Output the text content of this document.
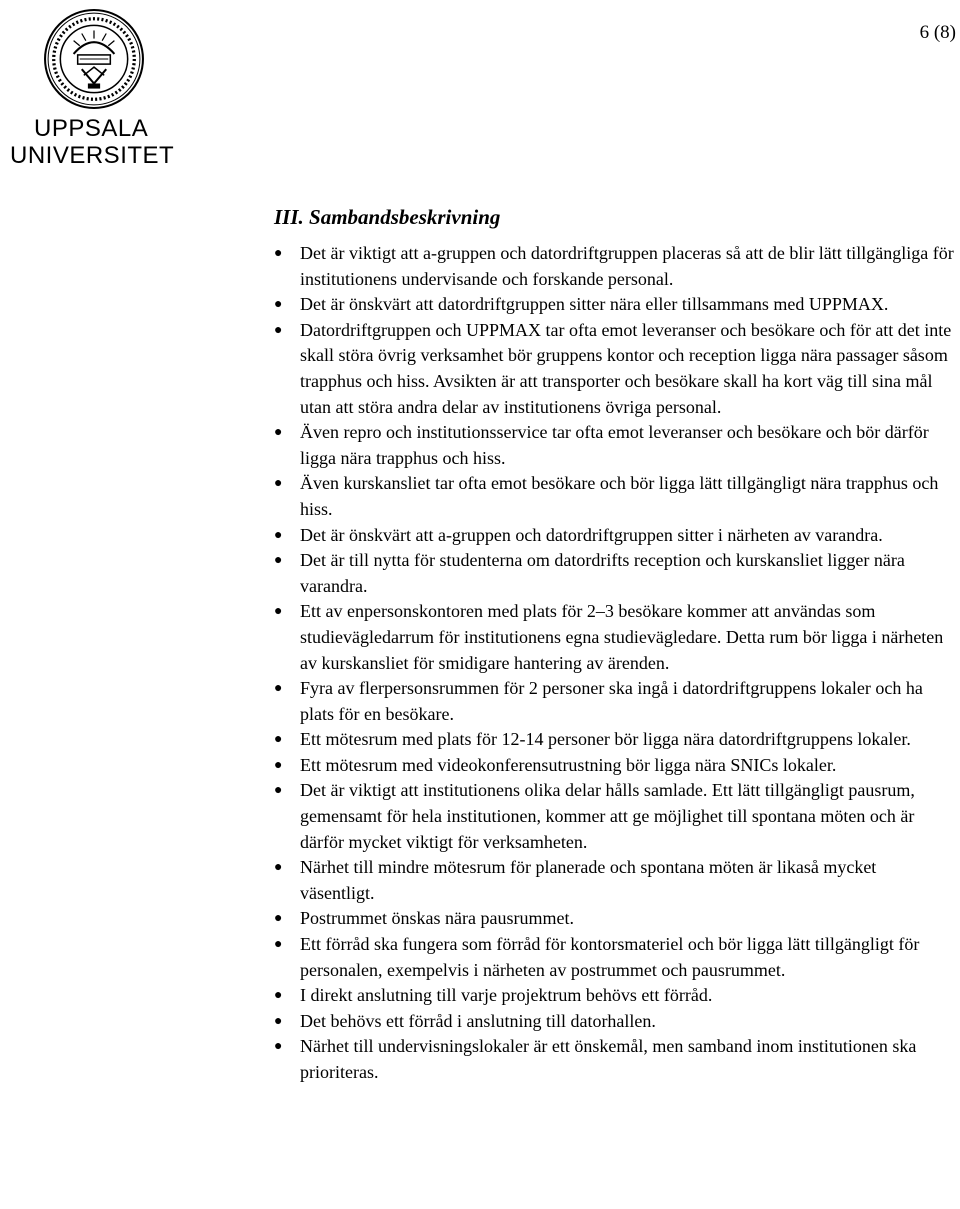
6 (8)
UPPSALA
UNIVERSITET
III. Sambandsbeskrivning
● Det är viktigt att a-gruppen och datordriftgruppen placeras så att de blir lätt tillgängliga för institutionens undervisande och forskande personal.
● Det är önskvärt att datordriftgruppen sitter nära eller tillsammans med UPPMAX.
● Datordriftgruppen och UPPMAX tar ofta emot leveranser och besökare och för att det inte skall störa övrig verksamhet bör gruppens kontor och reception ligga nära passager såsom trapphus och hiss. Avsikten är att transporter och besökare skall ha kort väg till sina mål utan att störa andra delar av institutionens övriga personal.
● Även repro och institutionsservice tar ofta emot leveranser och besökare och bör därför ligga nära trapphus och hiss.
● Även kurskansliet tar ofta emot besökare och bör ligga lätt tillgängligt nära trapphus och hiss.
● Det är önskvärt att a-gruppen och datordriftgruppen sitter i närheten av varandra.
● Det är till nytta för studenterna om datordrifts reception och kurskansliet ligger nära varandra.
● Ett av enpersonskontoren med plats för 2–3 besökare kommer att användas som studievägledarrum för institutionens egna studievägledare. Detta rum bör ligga i närheten av kurskansliet för smidigare hantering av ärenden.
● Fyra av flerpersonsrummen för 2 personer ska ingå i datordriftgruppens lokaler och ha plats för en besökare.
● Ett mötesrum med plats för 12-14 personer bör ligga nära datordriftgruppens lokaler.
● Ett mötesrum med videokonferensutrustning bör ligga nära SNICs lokaler.
● Det är viktigt att institutionens olika delar hålls samlade. Ett lätt tillgängligt pausrum, gemensamt för hela institutionen, kommer att ge möjlighet till spontana möten och är därför mycket viktigt för verksamheten.
● Närhet till mindre mötesrum för planerade och spontana möten är likaså mycket väsentligt.
● Postrummet önskas nära pausrummet.
● Ett förråd ska fungera som förråd för kontorsmateriel och bör ligga lätt tillgängligt för personalen, exempelvis i närheten av postrummet och pausrummet.
● I direkt anslutning till varje projektrum behövs ett förråd.
● Det behövs ett förråd i anslutning till datorhallen.
● Närhet till undervisningslokaler är ett önskemål, men samband inom institutionen ska prioriteras.
